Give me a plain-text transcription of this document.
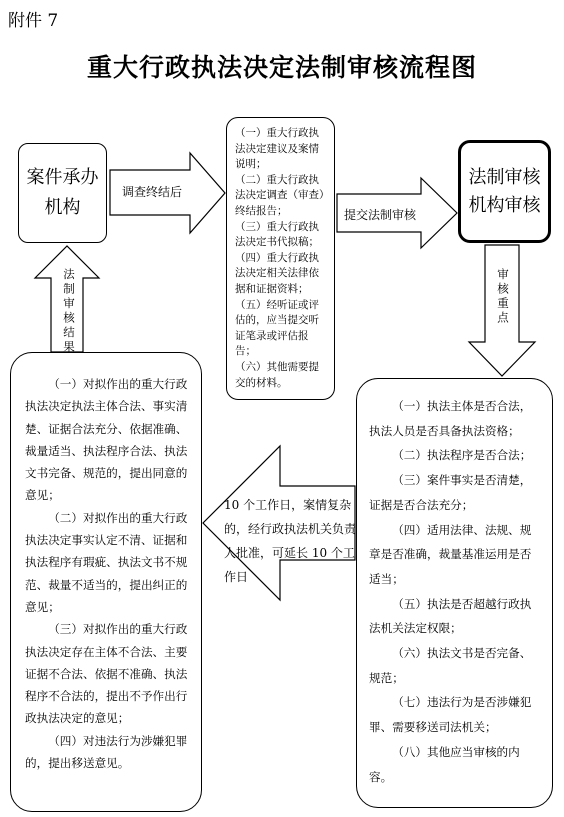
附件 7
重大行政执法决定法制审核流程图
案件承办机构
法制审核机构审核
（一）重大行政执法决定建议及案情说明；
（二）重大行政执法决定调查（审查）终结报告；
（三）重大行政执法决定书代拟稿；
（四）重大行政执法决定相关法律依据和证据资料；
（五）经听证或评估的，应当提交听证笔录或评估报告；
（六）其他需要提交的材料。
（一）执法主体是否合法，执法人员是否具备执法资格；
（二）执法程序是否合法；
（三）案件事实是否清楚，证据是否合法充分；
（四）适用法律、法规、规章是否准确，裁量基准运用是否适当；
（五）执法是否超越行政执法机关法定权限；
（六）执法文书是否完备、规范；
（七）违法行为是否涉嫌犯罪、需要移送司法机关；
（八）其他应当审核的内容。
（一）对拟作出的重大行政执法决定执法主体合法、事实清楚、证据合法充分、依据准确、裁量适当、执法程序合法、执法文书完备、规范的，提出同意的意见；
（二）对拟作出的重大行政执法决定事实认定不清、证据和执法程序有瑕疵、执法文书不规范、裁量不适当的，提出纠正的意见；
（三）对拟作出的重大行政执法决定存在主体不合法、主要证据不合法、依据不准确、执法程序不合法的，提出不予作出行政执法决定的意见；
（四）对违法行为涉嫌犯罪的，提出移送意见。
调查终结后
提交法制审核
审核重点
法制审核结果
10 个工作日，案情复杂的，经行政执法机关负责人批准，可延长 10 个工作日
